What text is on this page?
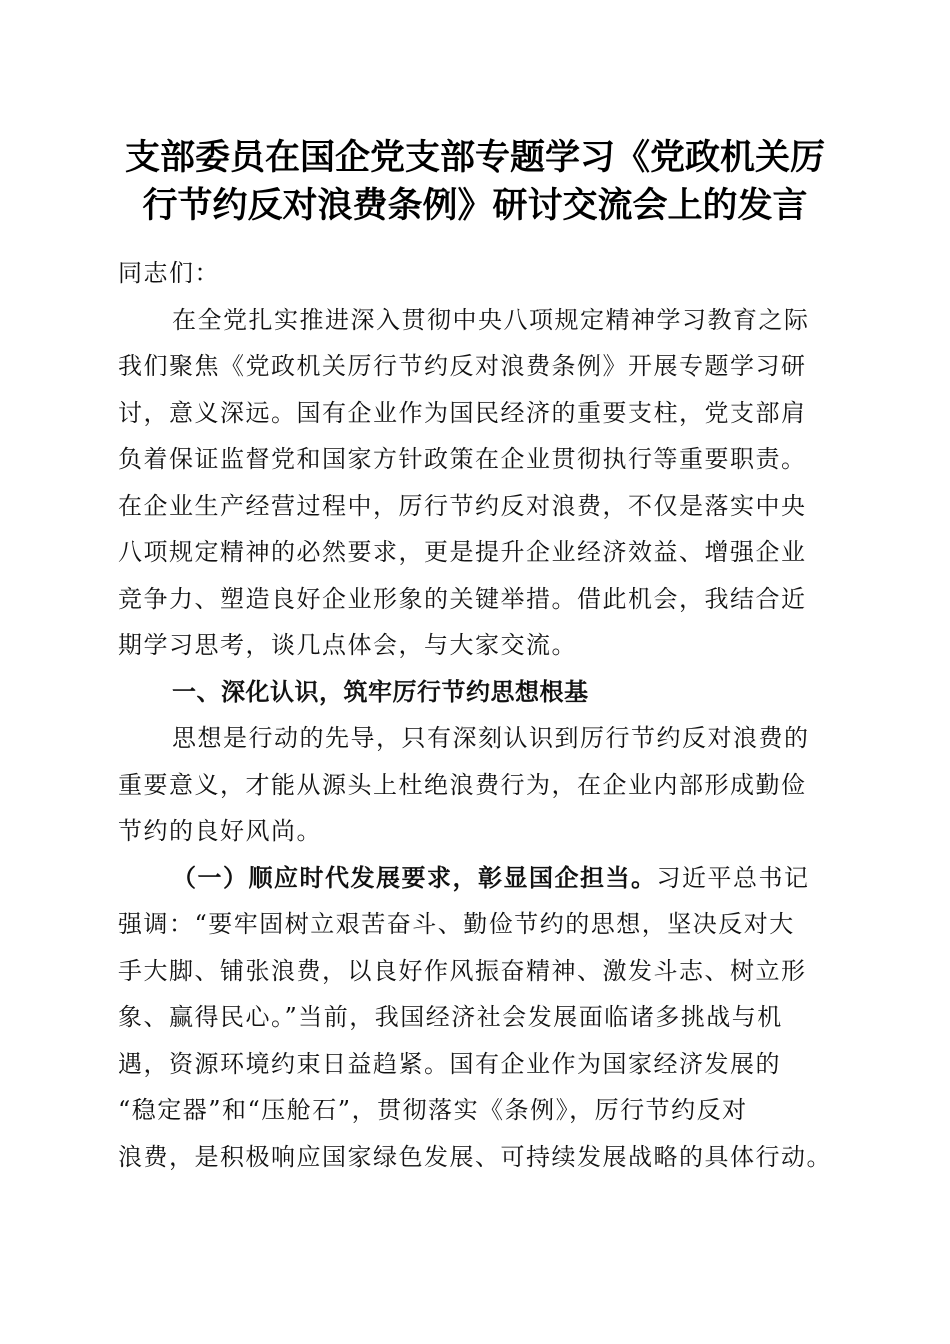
支部委员在国企党支部专题学习《党政机关厉
行节约反对浪费条例》研讨交流会上的发言
同志们：
在全党扎实推进深入贯彻中央八项规定精神学习教育之际
我们聚焦《党政机关厉行节约反对浪费条例》开展专题学习研
讨，意义深远。国有企业作为国民经济的重要支柱，党支部肩
负着保证监督党和国家方针政策在企业贯彻执行等重要职责。
在企业生产经营过程中，厉行节约反对浪费，不仅是落实中央
八项规定精神的必然要求，更是提升企业经济效益、增强企业
竞争力、塑造良好企业形象的关键举措。借此机会，我结合近
期学习思考，谈几点体会，与大家交流。
一、深化认识，筑牢厉行节约思想根基
思想是行动的先导，只有深刻认识到厉行节约反对浪费的
重要意义，才能从源头上杜绝浪费行为，在企业内部形成勤俭
节约的良好风尚。
（一）顺应时代发展要求，彰显国企担当。习近平总书记
强调：“要牢固树立艰苦奋斗、勤俭节约的思想，坚决反对大
手大脚、铺张浪费，以良好作风振奋精神、激发斗志、树立形
象、赢得民心。”当前，我国经济社会发展面临诸多挑战与机
遇，资源环境约束日益趋紧。国有企业作为国家经济发展的
“稳定器”和“压舱石”，贯彻落实《条例》，厉行节约反对
浪费，是积极响应国家绿色发展、可持续发展战略的具体行动。
